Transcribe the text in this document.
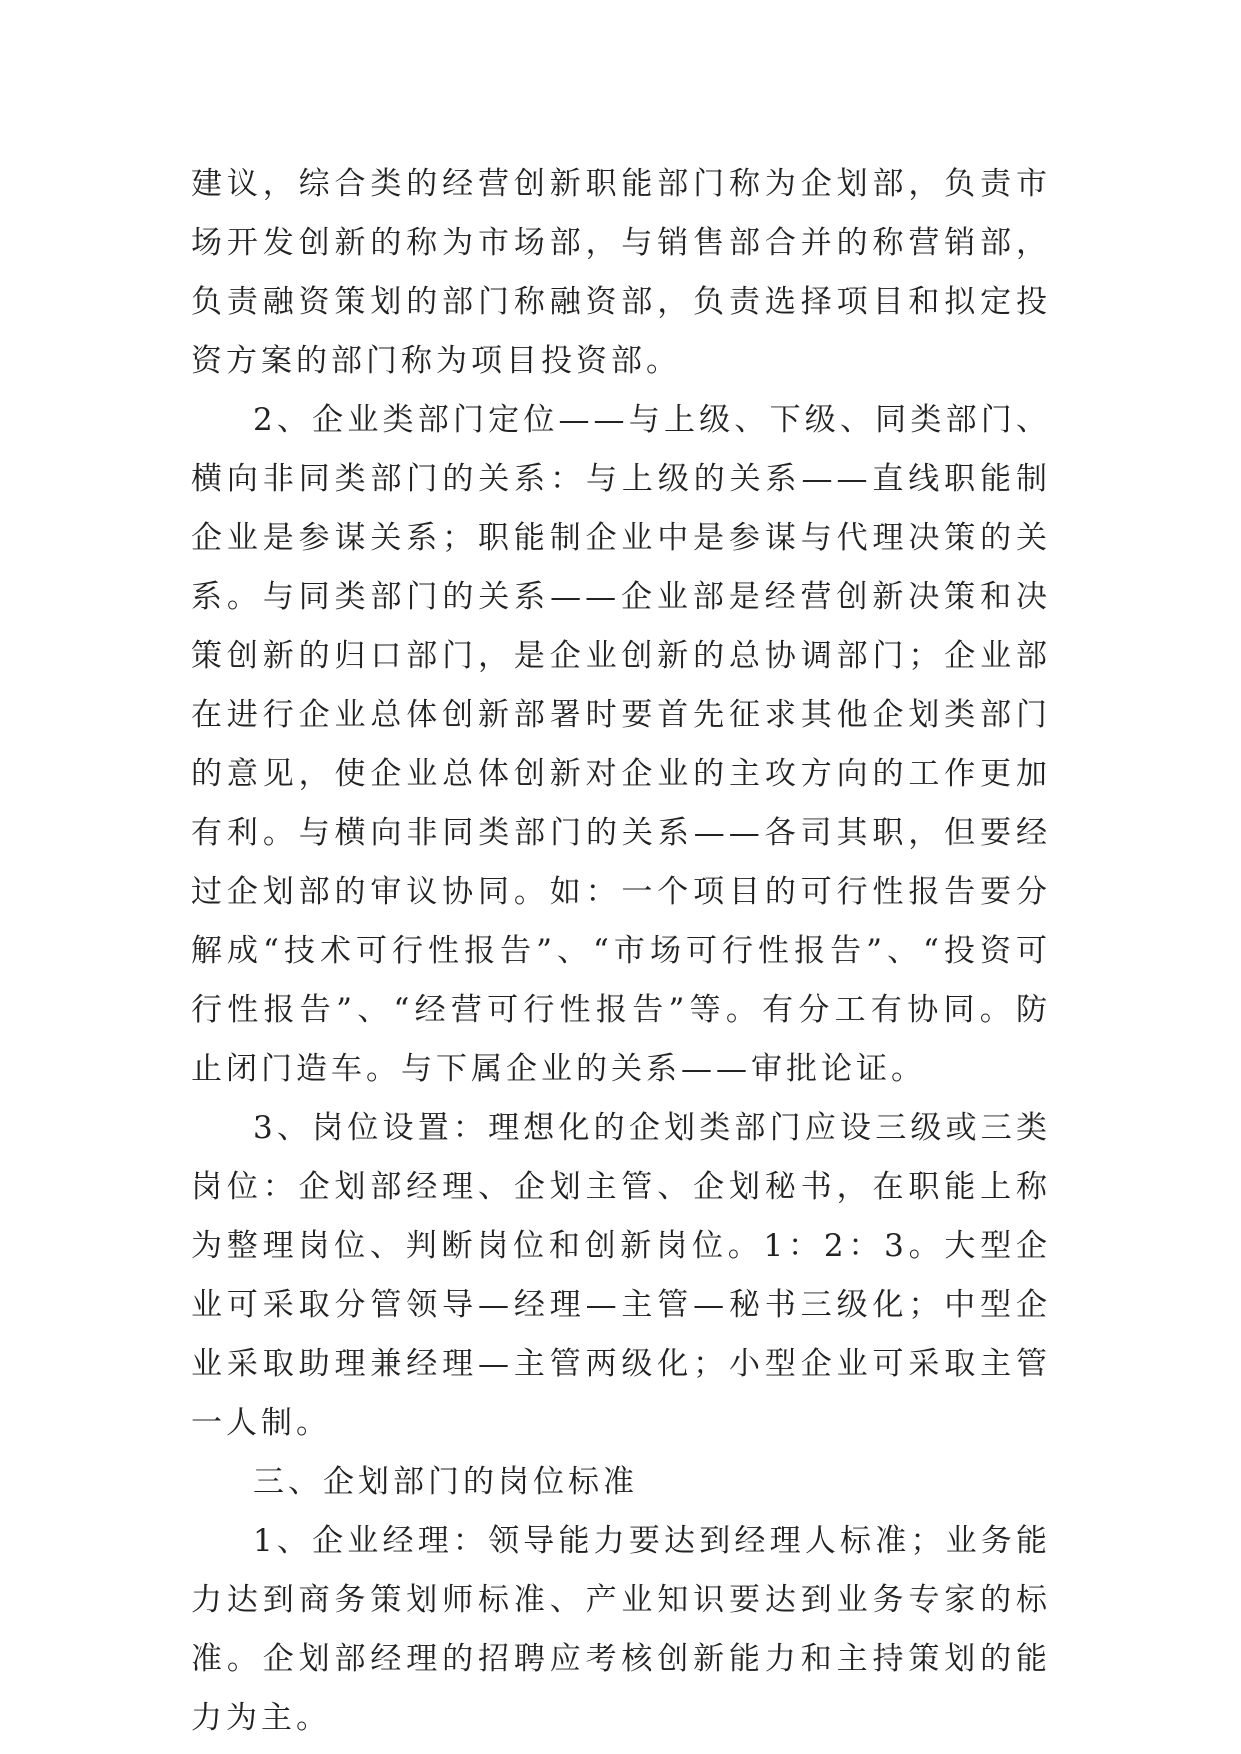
建议，综合类的经营创新职能部门称为企划部，负责市场开发创新的称为市场部，与销售部合并的称营销部，负责融资策划的部门称融资部，负责选择项目和拟定投资方案的部门称为项目投资部。

2、企业类部门定位——与上级、下级、同类部门、横向非同类部门的关系：与上级的关系——直线职能制企业是参谋关系；职能制企业中是参谋与代理决策的关系。与同类部门的关系——企业部是经营创新决策和决策创新的归口部门，是企业创新的总协调部门；企业部在进行企业总体创新部署时要首先征求其他企划类部门的意见，使企业总体创新对企业的主攻方向的工作更加有利。与横向非同类部门的关系——各司其职，但要经过企划部的审议协同。如：一个项目的可行性报告要分解成“技术可行性报告”、“市场可行性报告”、“投资可行性报告”、“经营可行性报告”等。有分工有协同。防止闭门造车。与下属企业的关系——审批论证。

3、岗位设置：理想化的企划类部门应设三级或三类岗位：企划部经理、企划主管、企划秘书，在职能上称为整理岗位、判断岗位和创新岗位。1：2：3。大型企业可采取分管领导—经理—主管—秘书三级化；中型企业采取助理兼经理—主管两级化；小型企业可采取主管一人制。

三、企划部门的岗位标准

1、企业经理：领导能力要达到经理人标准；业务能力达到商务策划师标准、产业知识要达到业务专家的标准。企划部经理的招聘应考核创新能力和主持策划的能力为主。
